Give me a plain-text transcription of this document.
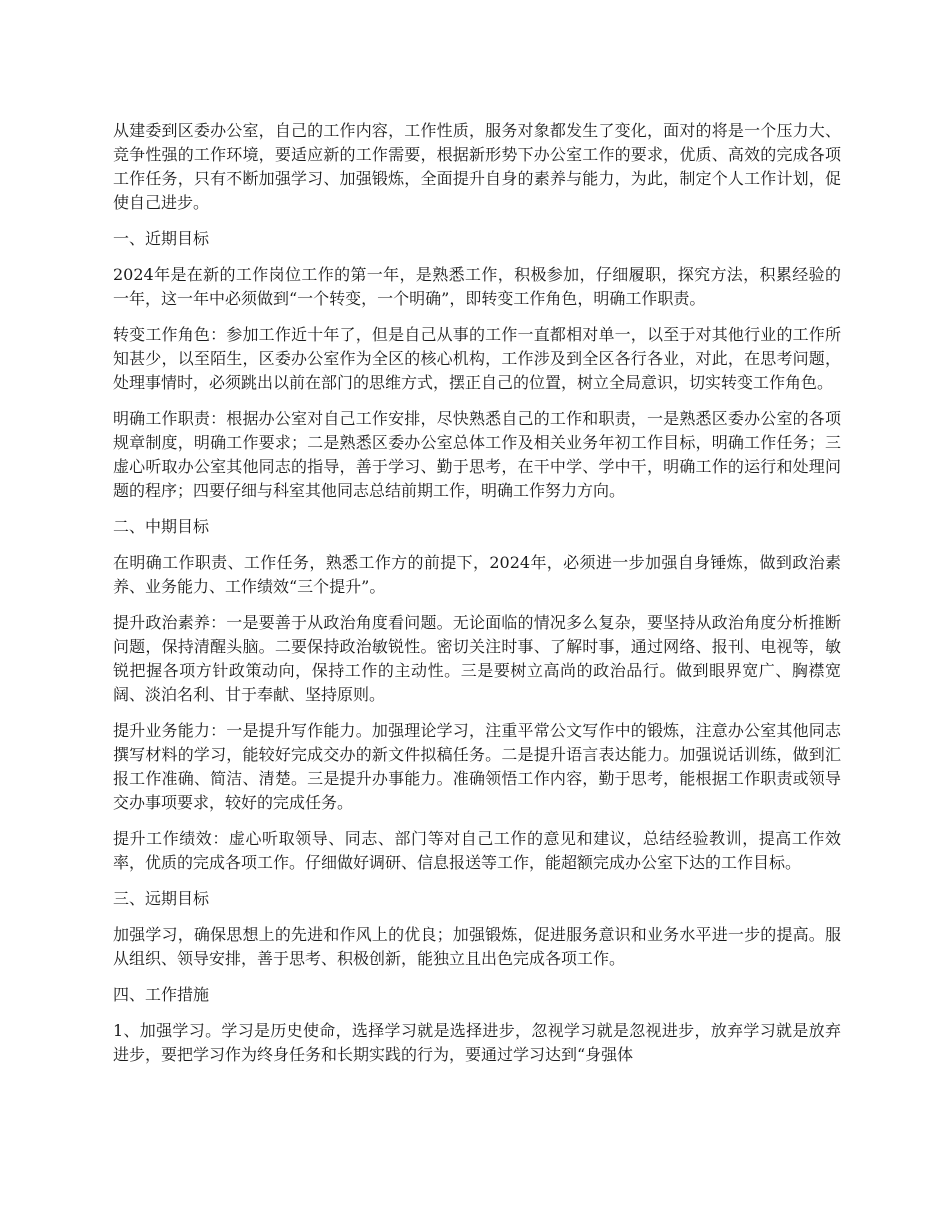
从建委到区委办公室，自己的工作内容，工作性质，服务对象都发生了变化，面对的将是一个压力大、竞争性强的工作环境，要适应新的工作需要，根据新形势下办公室工作的要求，优质、高效的完成各项工作任务，只有不断加强学习、加强锻炼，全面提升自身的素养与能力，为此，制定个人工作计划，促使自己进步。

一、近期目标

2024年是在新的工作岗位工作的第一年，是熟悉工作，积极参加，仔细履职，探究方法，积累经验的一年，这一年中必须做到“一个转变，一个明确”，即转变工作角色，明确工作职责。

转变工作角色：参加工作近十年了，但是自己从事的工作一直都相对单一，以至于对其他行业的工作所知甚少，以至陌生，区委办公室作为全区的核心机构，工作涉及到全区各行各业，对此，在思考问题，处理事情时，必须跳出以前在部门的思维方式，摆正自己的位置，树立全局意识，切实转变工作角色。

明确工作职责：根据办公室对自己工作安排，尽快熟悉自己的工作和职责，一是熟悉区委办公室的各项规章制度，明确工作要求；二是熟悉区委办公室总体工作及相关业务年初工作目标，明确工作任务；三虚心听取办公室其他同志的指导，善于学习、勤于思考，在干中学、学中干，明确工作的运行和处理问题的程序；四要仔细与科室其他同志总结前期工作，明确工作努力方向。

二、中期目标

在明确工作职责、工作任务，熟悉工作方的前提下，2024年，必须进一步加强自身锤炼，做到政治素养、业务能力、工作绩效“三个提升”。

提升政治素养：一是要善于从政治角度看问题。无论面临的情况多么复杂，要坚持从政治角度分析推断问题，保持清醒头脑。二要保持政治敏锐性。密切关注时事、了解时事，通过网络、报刊、电视等，敏锐把握各项方针政策动向，保持工作的主动性。三是要树立高尚的政治品行。做到眼界宽广、胸襟宽阔、淡泊名利、甘于奉献、坚持原则。

提升业务能力：一是提升写作能力。加强理论学习，注重平常公文写作中的锻炼，注意办公室其他同志撰写材料的学习，能较好完成交办的新文件拟稿任务。二是提升语言表达能力。加强说话训练，做到汇报工作准确、简洁、清楚。三是提升办事能力。准确领悟工作内容，勤于思考，能根据工作职责或领导交办事项要求，较好的完成任务。

提升工作绩效：虚心听取领导、同志、部门等对自己工作的意见和建议，总结经验教训，提高工作效率，优质的完成各项工作。仔细做好调研、信息报送等工作，能超额完成办公室下达的工作目标。

三、远期目标

加强学习，确保思想上的先进和作风上的优良；加强锻炼，促进服务意识和业务水平进一步的提高。服从组织、领导安排，善于思考、积极创新，能独立且出色完成各项工作。

四、工作措施

1、加强学习。学习是历史使命，选择学习就是选择进步，忽视学习就是忽视进步，放弃学习就是放弃进步，要把学习作为终身任务和长期实践的行为，要通过学习达到“身强体
